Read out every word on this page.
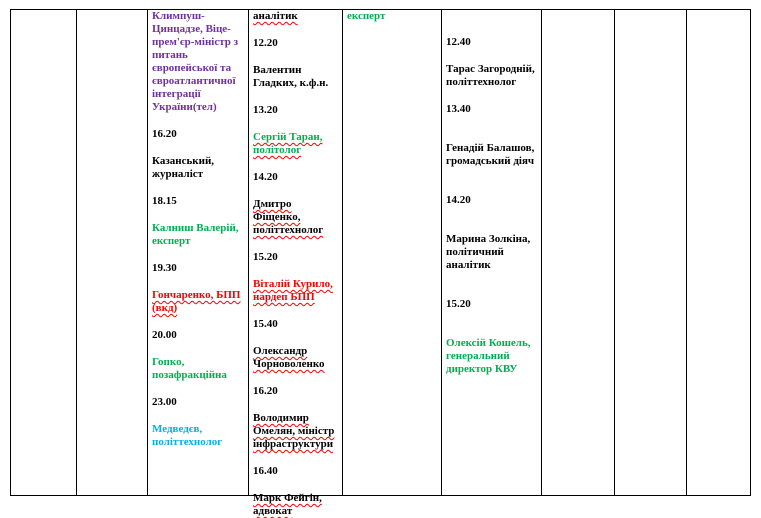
Климпуш-Цинцадзе, Віце-прем'єр-міністр з питань європейської та євроатлантичної інтеграції України(тел)
16.20
Казанський, журналіст
18.15
Калниш Валерій, експерт
19.30
Гончаренко, БПП (вкд)
20.00
Гопко, позафракційна
23.00
Медведєв, політтехнолог
аналітик
12.20
Валентин Гладких, к.ф.н.
13.20
Сергій Таран, політолог
14.20
Дмитро Фіщенко, політтехнолог
15.20
Віталій Курило, нардеп БПП
15.40
Олександр Чорноволенко
16.20
Володимир Омелян, міністр інфраструктури
16.40
Марк Фейгін, адвокат
експерт
12.40
Тарас Загородній, політтехнолог
13.40
Генадій Балашов, громадський діяч
14.20
Марина Золкіна, політичний аналітик
15.20
Олексій Кошель, генеральний директор КВУ
